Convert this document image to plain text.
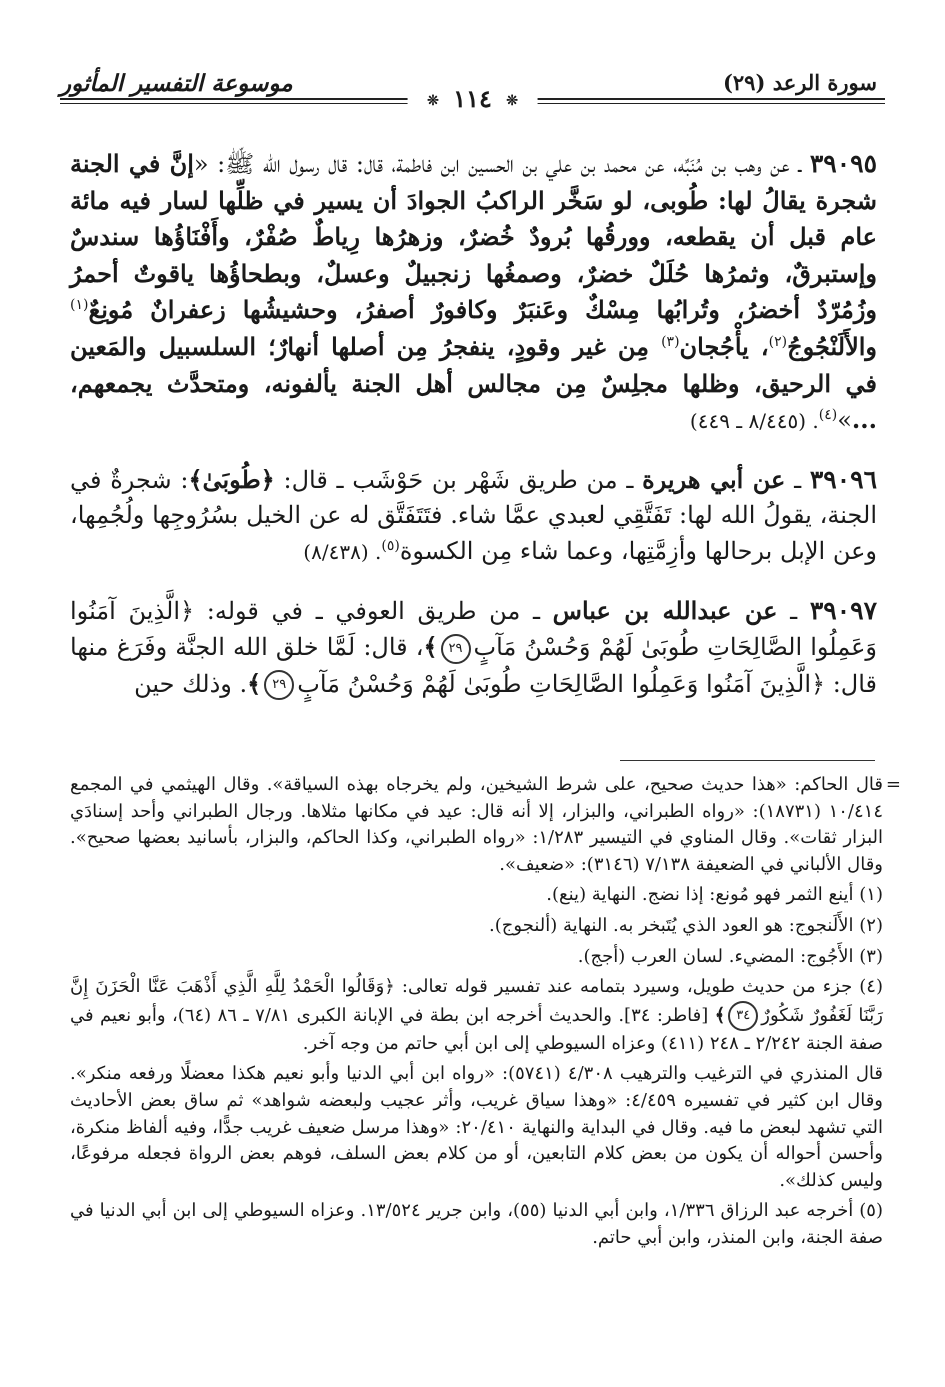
سورة الرعد (٢٩)
موسوعة التفسير المأثور
❊ ١١٤ ❊

٣٩٠٩٥ ـ عن وهب بن مُنَبِّه، عن محمد بن علي بن الحسين ابن فاطمة، قال: قال رسول الله ﷺ: «إنَّ في الجنة شجرة يقالُ لها: طُوبى، لو سَخَّر الراكبُ الجوادَ أن يسير في ظلِّها لسار فيه مائة عام قبل أن يقطعه، وورقُها بُرودٌ خُضرٌ، وزهرُها رِياطٌ صُفْرٌ، وأَفْنَاؤُها سندسٌ وإستبرقٌ، وثمرُها حُلَلٌ خضرٌ، وصمغُها زنجبيلٌ وعسلٌ، وبطحاؤُها ياقوتٌ أحمرُ وزُمُرّدٌ أخضرُ، وتُرابُها مِسْكٌ وعَنبَرٌ وكافورٌ أصفرُ، وحشيشُها زعفرانٌ مُونِعٌ$^{(١)}$ والأَلَنْجُوجُ$^{(٢)}$، يأْجُجان$^{(٣)}$ مِن غير وقودٍ، ينفجرُ مِن أصلها أنهارٌ؛ السلسبيل والمَعين في الرحيق، وظلها مجلِسٌ مِن مجالس أهل الجنة يألفونه، ومتحدَّث يجمعهم، ...»$^{(٤)}$. (٨/٤٤٥ ـ ٤٤٩)

٣٩٠٩٦ ـ عن أبي هريرة ـ من طريق شَهْر بن حَوْشَب ـ قال: ﴿طُوبَىٰ﴾: شجرةٌ في الجنة، يقولُ الله لها: تَفَتَّقِي لعبدي عمَّا شاء. فتَتَفَتَّق له عن الخيل بسُرُوجِها ولُجُمِها، وعن الإبل برحالها وأزِمَّتِها، وعما شاء مِن الكسوة$^{(٥)}$. (٨/٤٣٨)

٣٩٠٩٧ ـ عن عبدالله بن عباس ـ من طريق العوفي ـ في قوله: ﴿الَّذِينَ آمَنُوا وَعَمِلُوا الصَّالِحَاتِ طُوبَىٰ لَهُمْ وَحُسْنُ مَآبٍ٢٩﴾، قال: لَمَّا خلق الله الجنَّة وفَرَغ منها قال: ﴿الَّذِينَ آمَنُوا وَعَمِلُوا الصَّالِحَاتِ طُوبَىٰ لَهُمْ وَحُسْنُ مَآبٍ٢٩﴾. وذلك حين

=
قال الحاكم: «هذا حديث صحيح، على شرط الشيخين، ولم يخرجاه بهذه السياقة». وقال الهيثمي في المجمع ١٠/٤١٤ (١٨٧٣١): «رواه الطبراني، والبزار، إلا أنه قال: عيد في مكانها مثلاها. ورجال الطبراني وأحد إسنادَي البزار ثقات». وقال المناوي في التيسير ١/٢٨٣: «رواه الطبراني، وكذا الحاكم، والبزار، بأسانيد بعضها صحيح». وقال الألباني في الضعيفة ٧/١٣٨ (٣١٤٦): «ضعيف».

(١) أينع الثمر فهو مُونع: إذا نضج. النهاية (ينع).

(٢) الأَلَنجوج: هو العود الذي يُتَبخر به. النهاية (ألنجوج).

(٣) الأَجُوج: المضيء. لسان العرب (أجج).

(٤) جزء من حديث طويل، وسيرد بتمامه عند تفسير قوله تعالى: ﴿وَقَالُوا الْحَمْدُ لِلَّهِ الَّذِي أَذْهَبَ عَنَّا الْحَزَنَ إِنَّ رَبَّنَا لَغَفُورٌ شَكُورٌ٣٤﴾ [فاطر: ٣٤]. والحديث أخرجه ابن بطة في الإبانة الكبرى ٧/٨١ ـ ٨٦ (٦٤)، وأبو نعيم في صفة الجنة ٢/٢٤٢ ـ ٢٤٨ (٤١١) وعزاه السيوطي إلى ابن أبي حاتم من وجه آخر.

قال المنذري في الترغيب والترهيب ٤/٣٠٨ (٥٧٤١): «رواه ابن أبي الدنيا وأبو نعيم هكذا معضلًا ورفعه منكر». وقال ابن كثير في تفسيره ٤/٤٥٩: «وهذا سياق غريب، وأثر عجيب ولبعضه شواهد» ثم ساق بعض الأحاديث التي تشهد لبعض ما فيه. وقال في البداية والنهاية ٢٠/٤١٠: «وهذا مرسل ضعيف غريب جدًّا، وفيه ألفاظ منكرة، وأحسن أحواله أن يكون من بعض كلام التابعين، أو من كلام بعض السلف، فوهم بعض الرواة فجعله مرفوعًا، وليس كذلك».

(٥) أخرجه عبد الرزاق ١/٣٣٦، وابن أبي الدنيا (٥٥)، وابن جرير ١٣/٥٢٤. وعزاه السيوطي إلى ابن أبي الدنيا في صفة الجنة، وابن المنذر، وابن أبي حاتم.
